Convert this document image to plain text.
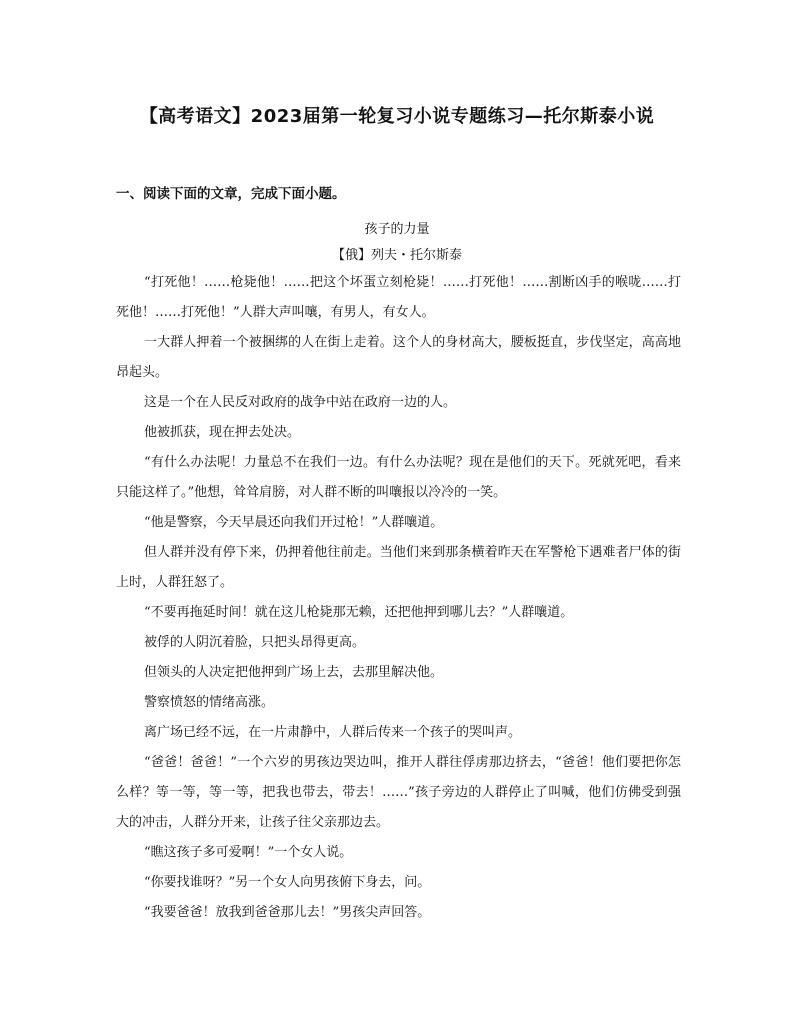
【高考语文】2023届第一轮复习小说专题练习—托尔斯泰小说
一、阅读下面的文章，完成下面小题。
孩子的力量
【俄】列夫・托尔斯泰

“打死他！……枪毙他！……把这个坏蛋立刻枪毙！……打死他！……割断凶手的喉咙……打死他！……打死他！”人群大声叫嚷，有男人，有女人。

一大群人押着一个被捆绑的人在街上走着。这个人的身材高大，腰板挺直，步伐坚定，高高地昂起头。

这是一个在人民反对政府的战争中站在政府一边的人。

他被抓获，现在押去处决。

“有什么办法呢！力量总不在我们一边。有什么办法呢？现在是他们的天下。死就死吧，看来只能这样了。”他想，耸耸肩膀，对人群不断的叫嚷报以冷冷的一笑。

“他是警察，今天早晨还向我们开过枪！”人群嚷道。

但人群并没有停下来，仍押着他往前走。当他们来到那条横着昨天在军警枪下遇难者尸体的街上时，人群狂怒了。

“不要再拖延时间！就在这儿枪毙那无赖，还把他押到哪儿去？”人群嚷道。

被俘的人阴沉着脸，只把头昂得更高。

但领头的人决定把他押到广场上去，去那里解决他。

警察愤怒的情绪高涨。

离广场已经不远，在一片肃静中，人群后传来一个孩子的哭叫声。

“爸爸！爸爸！”一个六岁的男孩边哭边叫，推开人群往俘虏那边挤去，“爸爸！他们要把你怎么样？等一等，等一等，把我也带去，带去！……”孩子旁边的人群停止了叫喊，他们仿佛受到强大的冲击，人群分开来，让孩子往父亲那边去。

“瞧这孩子多可爱啊！”一个女人说。

“你要找谁呀？”另一个女人向男孩俯下身去，问。

“我要爸爸！放我到爸爸那儿去！”男孩尖声回答。
